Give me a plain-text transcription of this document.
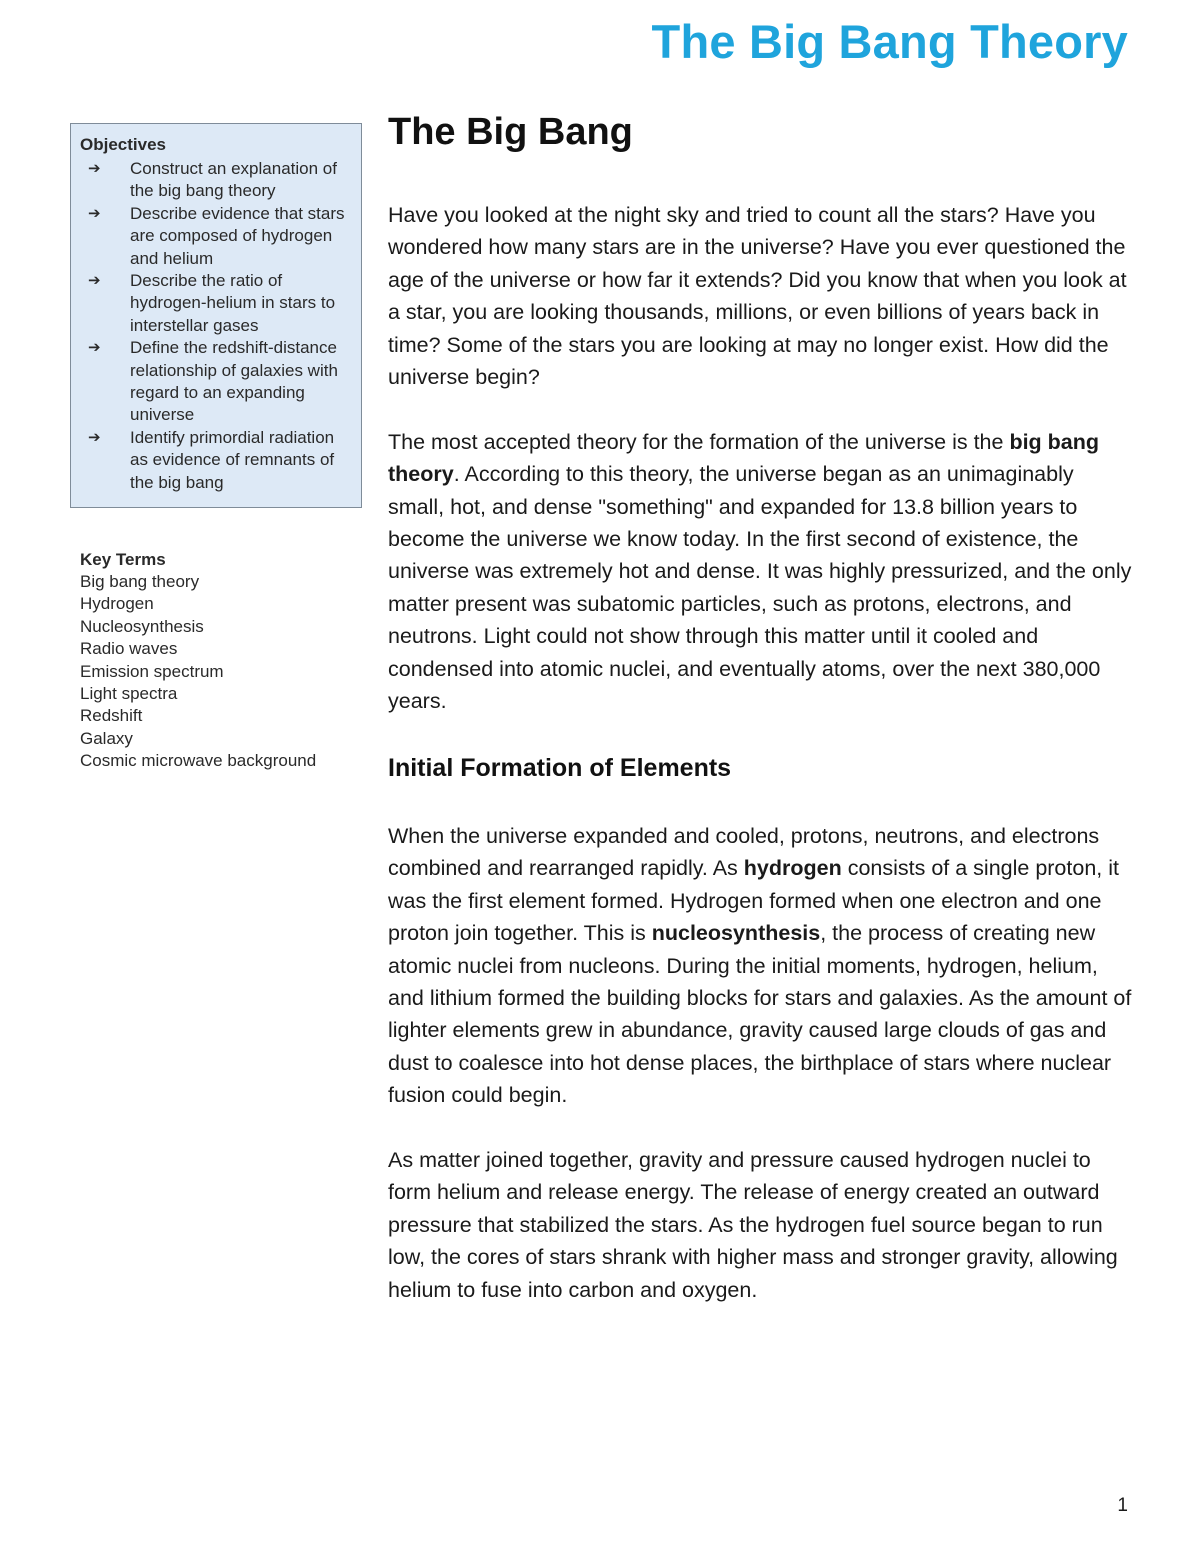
The Big Bang Theory
Objectives
➔	Construct an explanation of the big bang theory
➔	Describe evidence that stars are composed of hydrogen and helium
➔	Describe the ratio of hydrogen-helium in stars to interstellar gases
➔	Define the redshift-distance relationship of galaxies with regard to an expanding universe
➔	Identify primordial radiation as evidence of remnants of the big bang
Key Terms
Big bang theory
Hydrogen
Nucleosynthesis
Radio waves
Emission spectrum
Light spectra
Redshift
Galaxy
Cosmic microwave background
The Big Bang

Have you looked at the night sky and tried to count all the stars? Have you wondered how many stars are in the universe? Have you ever questioned the age of the universe or how far it extends? Did you know that when you look at a star, you are looking thousands, millions, or even billions of years back in time? Some of the stars you are looking at may no longer exist. How did the universe begin?

The most accepted theory for the formation of the universe is the big bang theory. According to this theory, the universe began as an unimaginably small, hot, and dense "something" and expanded for 13.8 billion years to become the universe we know today. In the first second of existence, the universe was extremely hot and dense. It was highly pressurized, and the only matter present was subatomic particles, such as protons, electrons, and neutrons. Light could not show through this matter until it cooled and condensed into atomic nuclei, and eventually atoms, over the next 380,000 years.

Initial Formation of Elements

When the universe expanded and cooled, protons, neutrons, and electrons combined and rearranged rapidly. As hydrogen consists of a single proton, it was the first element formed. Hydrogen formed when one electron and one proton join together. This is nucleosynthesis, the process of creating new atomic nuclei from nucleons. During the initial moments, hydrogen, helium, and lithium formed the building blocks for stars and galaxies. As the amount of lighter elements grew in abundance, gravity caused large clouds of gas and dust to coalesce into hot dense places, the birthplace of stars where nuclear fusion could begin.

As matter joined together, gravity and pressure caused hydrogen nuclei to form helium and release energy. The release of energy created an outward pressure that stabilized the stars. As the hydrogen fuel source began to run low, the cores of stars shrank with higher mass and stronger gravity, allowing helium to fuse into carbon and oxygen.

1
